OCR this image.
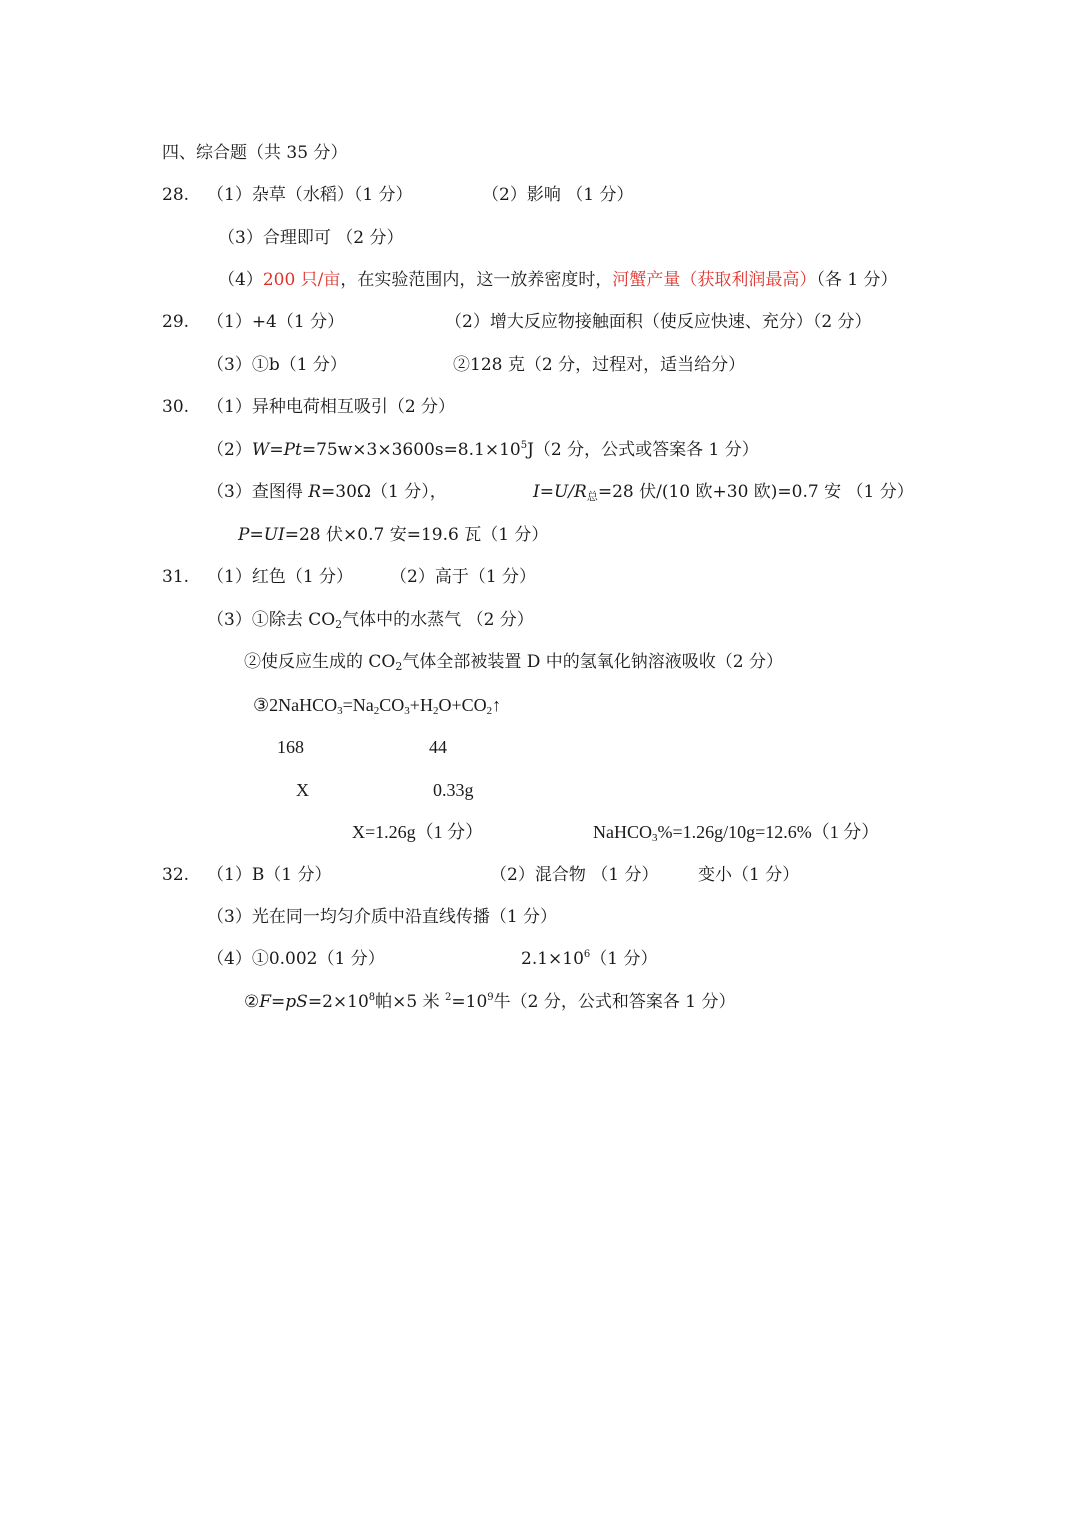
四、综合题（共 35 分）
28. （1）杂草（水稻）（1 分）	（2）影响 （1 分）
（3）合理即可 （2 分）
（4）200 只/亩，在实验范围内，这一放养密度时，河蟹产量（获取利润最高）（各 1 分）
29. （1）+4（1 分）	（2）增大反应物接触面积（使反应快速、充分）（2 分）
（3）①b（1 分）	②128 克（2 分，过程对，适当给分）
30. （1）异种电荷相互吸引（2 分）
$(2)W=Pt=75w\times 3\times 3600s=8.1\times 10^5J(2$ 分，公式或答案各 1 分）
（3）查图得 R=30Ω（1 分），	$I=U/R_总=28$ 伏/(10 欧+30 欧)=0.7 安 （1 分）
P=UI=28 伏×0.7 安=19.6 瓦（1 分）
31. （1）红色（1 分） （2）高于（1 分）
（3）①除去 $CO_2$气体中的水蒸气 （2 分）
②使反应生成的 $CO_2$气体全部被装置 D 中的氢氧化钠溶液吸收（2 分）
$③2NaHCO_3=Na_2CO_3+H_2O+CO_2↑$
168	44
X	0.33g
X=1.26g（1 分）	NaHCO$_3$%=1.26g/10g=12.6%（1 分）
32. （1）B（1 分）	（2）混合物 （1 分） 变小（1 分）
（3）光在同一均匀介质中沿直线传播（1 分）
（4）①0.002（1 分）	$2.1\times 10^6(1$ 分）
$②F=pS=2\times 10^8$帕×5 米 $^2=10^9$牛（2 分，公式和答案各 1 分）
